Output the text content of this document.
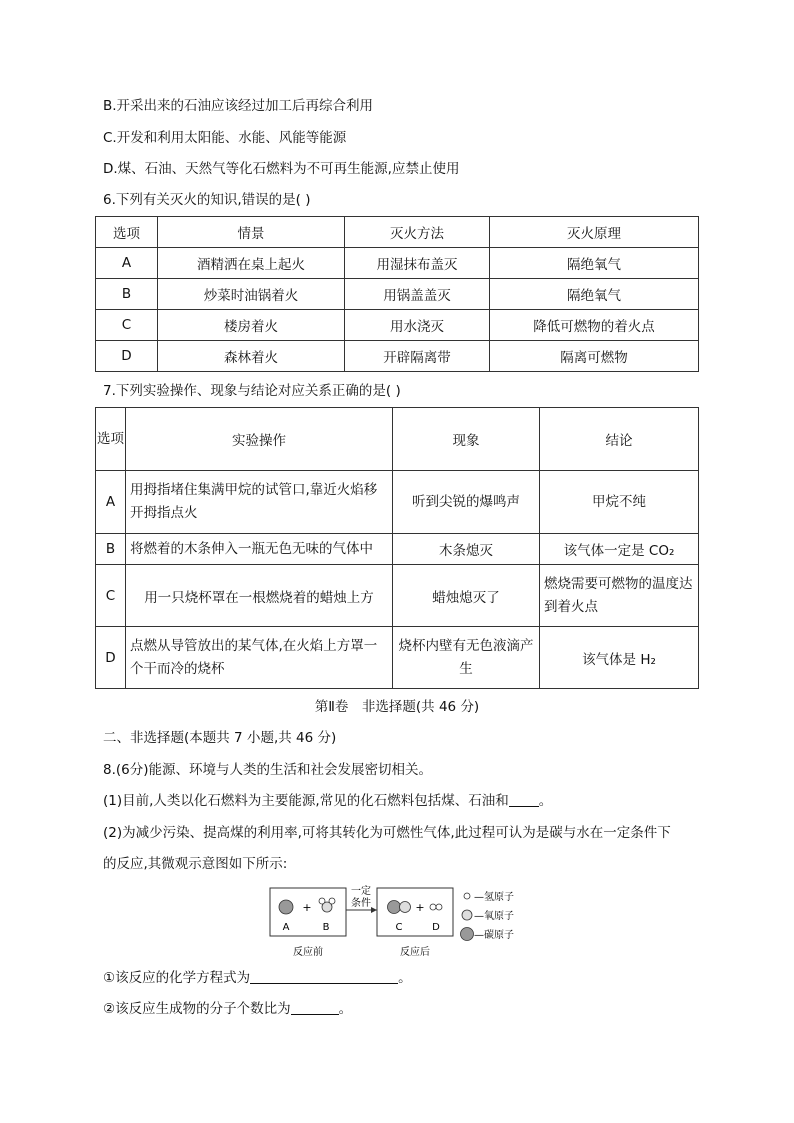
B.开采出来的石油应该经过加工后再综合利用
C.开发和利用太阳能、水能、风能等能源
D.煤、石油、天然气等化石燃料为不可再生能源,应禁止使用
6.下列有关灭火的知识,错误的是( )
选项	情景	灭火方法	灭火原理
A	酒精洒在桌上起火	用湿抹布盖灭	隔绝氧气
B	炒菜时油锅着火	用锅盖盖灭	隔绝氧气
C	楼房着火	用水浇灭	降低可燃物的着火点
D	森林着火	开辟隔离带	隔离可燃物
7.下列实验操作、现象与结论对应关系正确的是( )
选项	实验操作	现象	结论
A	用拇指堵住集满甲烷的试管口,靠近火焰移开拇指点火	听到尖锐的爆鸣声	甲烷不纯
B	将燃着的木条伸入一瓶无色无味的气体中	木条熄灭	该气体一定是 CO₂
C	用一只烧杯罩在一根燃烧着的蜡烛上方	蜡烛熄灭了	燃烧需要可燃物的温度达到着火点
D	点燃从导管放出的某气体,在火焰上方罩一个干而冷的烧杯	烧杯内壁有无色液滴产生	该气体是 H₂
第Ⅱ卷　非选择题(共 46 分)
二、非选择题(本题共 7 小题,共 46 分)
8.(6分)能源、环境与人类的生活和社会发展密切相关。
(1)目前,人类以化石燃料为主要能源,常见的化石燃料包括煤、石油和 。
(2)为减少污染、提高煤的利用率,可将其转化为可燃性气体,此过程可认为是碳与水在一定条件下
的反应,其微观示意图如下所示:
一定
条件
+
A	B
+
C	D
反应前	反应后
—氢原子
—氧原子
—碳原子
①该反应的化学方程式为	。
②该反应生成物的分子个数比为	。
